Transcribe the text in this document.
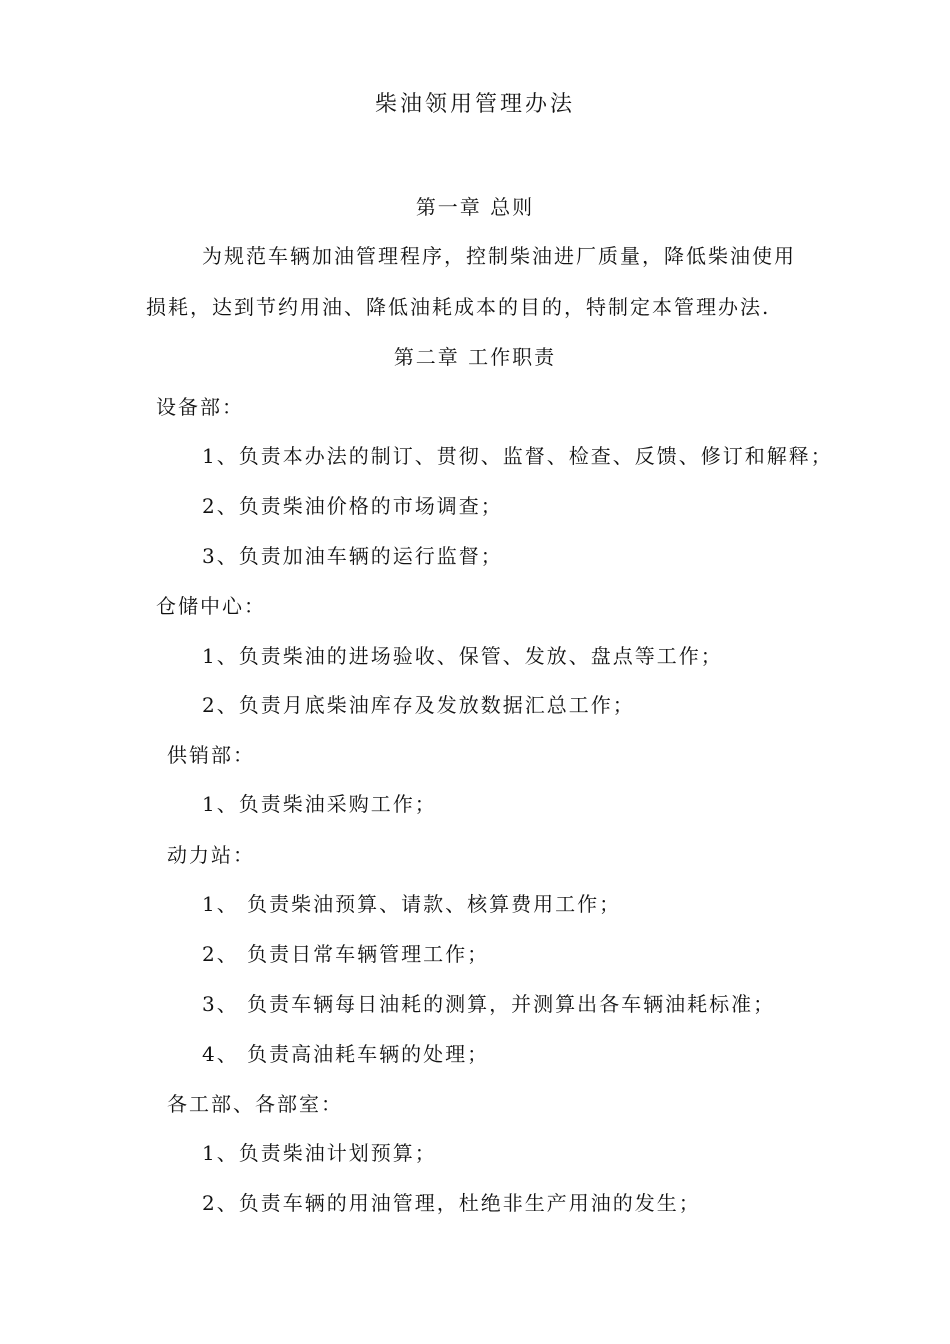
柴油领用管理办法
第一章 总则
为规范车辆加油管理程序，控制柴油进厂质量，降低柴油使用
损耗，达到节约用油、降低油耗成本的目的，特制定本管理办法.
第二章 工作职责
设备部：
1、负责本办法的制订、贯彻、监督、检查、反馈、修订和解释；
2、负责柴油价格的市场调查；
3、负责加油车辆的运行监督；
仓储中心：
1、负责柴油的进场验收、保管、发放、盘点等工作；
2、负责月底柴油库存及发放数据汇总工作；
供销部：
1、负责柴油采购工作；
动力站：
1、 负责柴油预算、请款、核算费用工作；
2、 负责日常车辆管理工作；
3、 负责车辆每日油耗的测算，并测算出各车辆油耗标准；
4、 负责高油耗车辆的处理；
各工部、各部室：
1、负责柴油计划预算；
2、负责车辆的用油管理，杜绝非生产用油的发生；
